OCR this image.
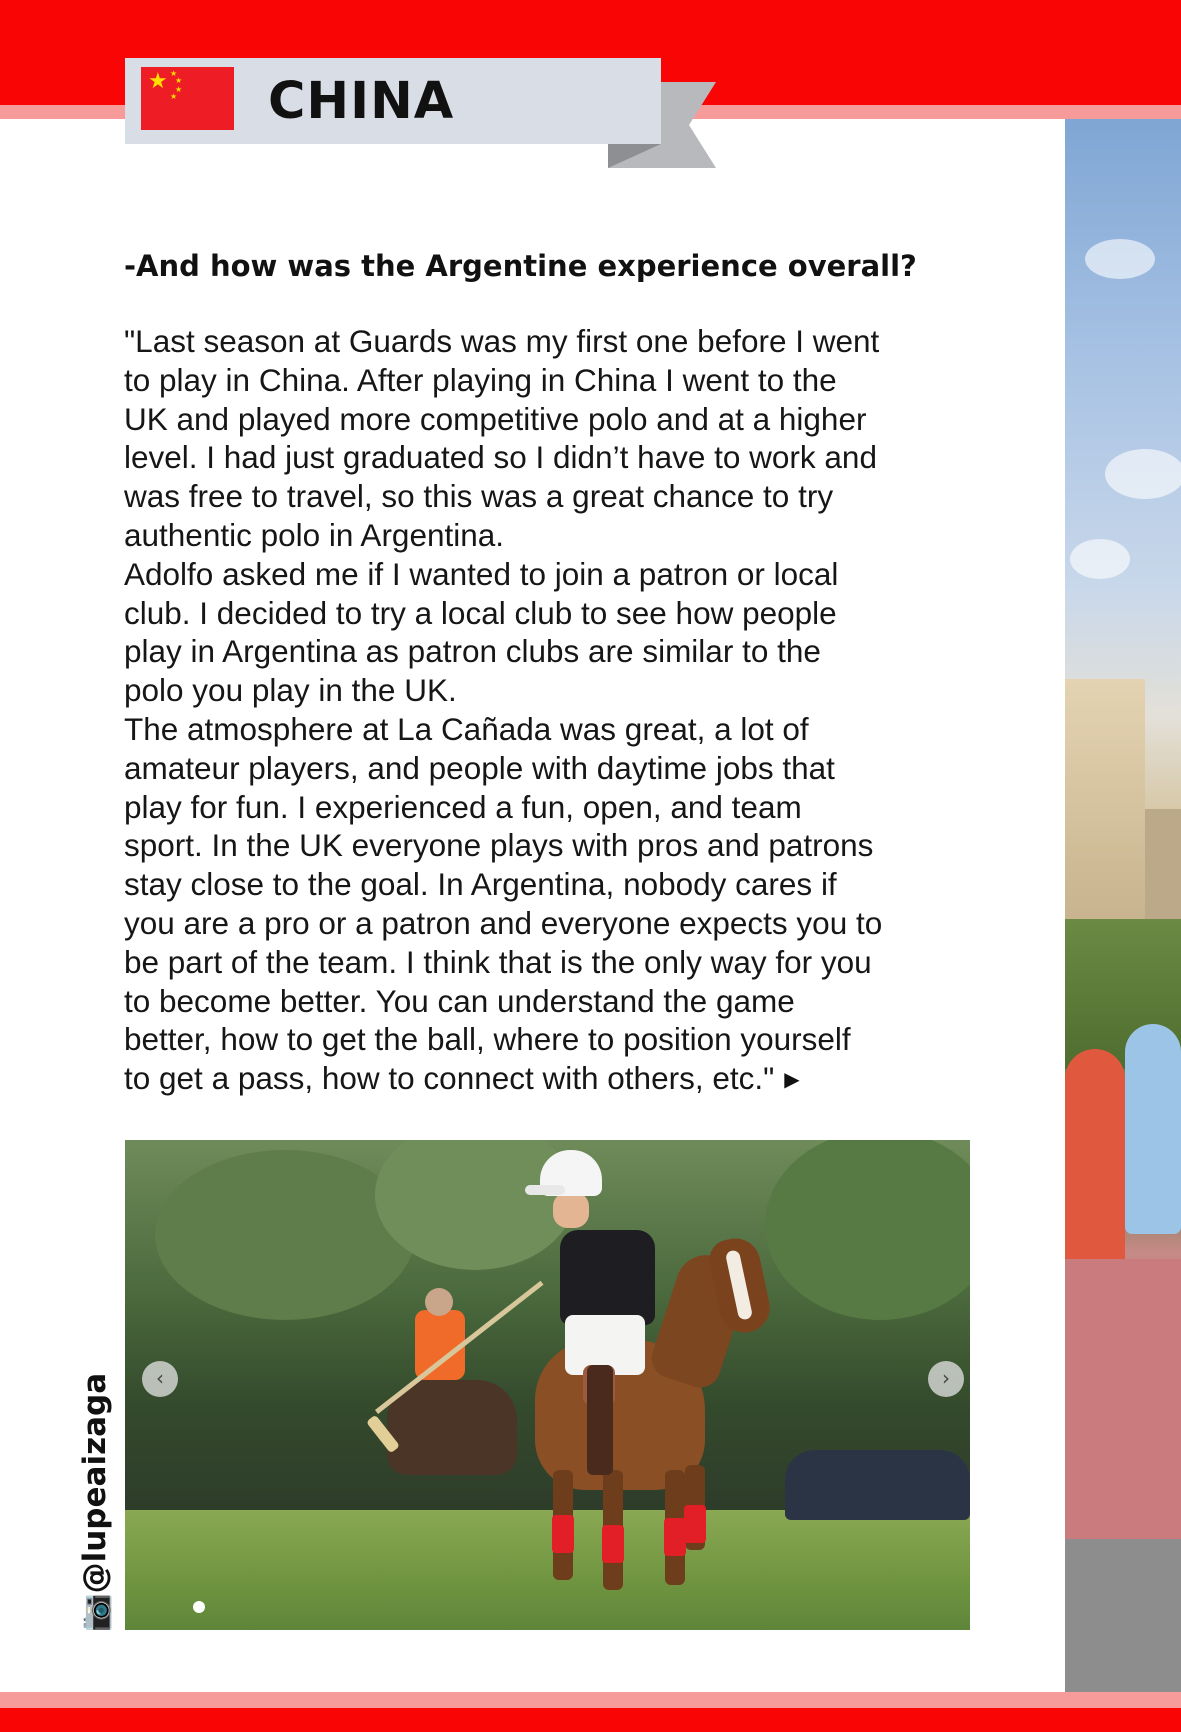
★ ★
★
★
★ CHINA
-And how was the Argentine experience overall?

"Last season at Guards was my first one before I went
to play in China. After playing in China I went to the
UK and played more competitive polo and at a higher
level. I had just graduated so I didn’t have to work and
was free to travel, so this was a great chance to try
authentic polo in Argentina.

Adolfo asked me if I wanted to join a patron or local
club. I decided to try a local club to see how people
play in Argentina as patron clubs are similar to the
polo you play in the UK.

The atmosphere at La Cañada was great, a lot of
amateur players, and people with daytime jobs that
play for fun. I experienced a fun, open, and team
sport. In the UK everyone plays with pros and patrons
stay close to the goal. In Argentina, nobody cares if
you are a pro or a patron and everyone expects you to
be part of the team. I think that is the only way for you
to become better. You can understand the game
better, how to get the ball, where to position yourself
to get a pass, how to connect with others, etc." ▶

📷@lupeaizaga	‹	›
